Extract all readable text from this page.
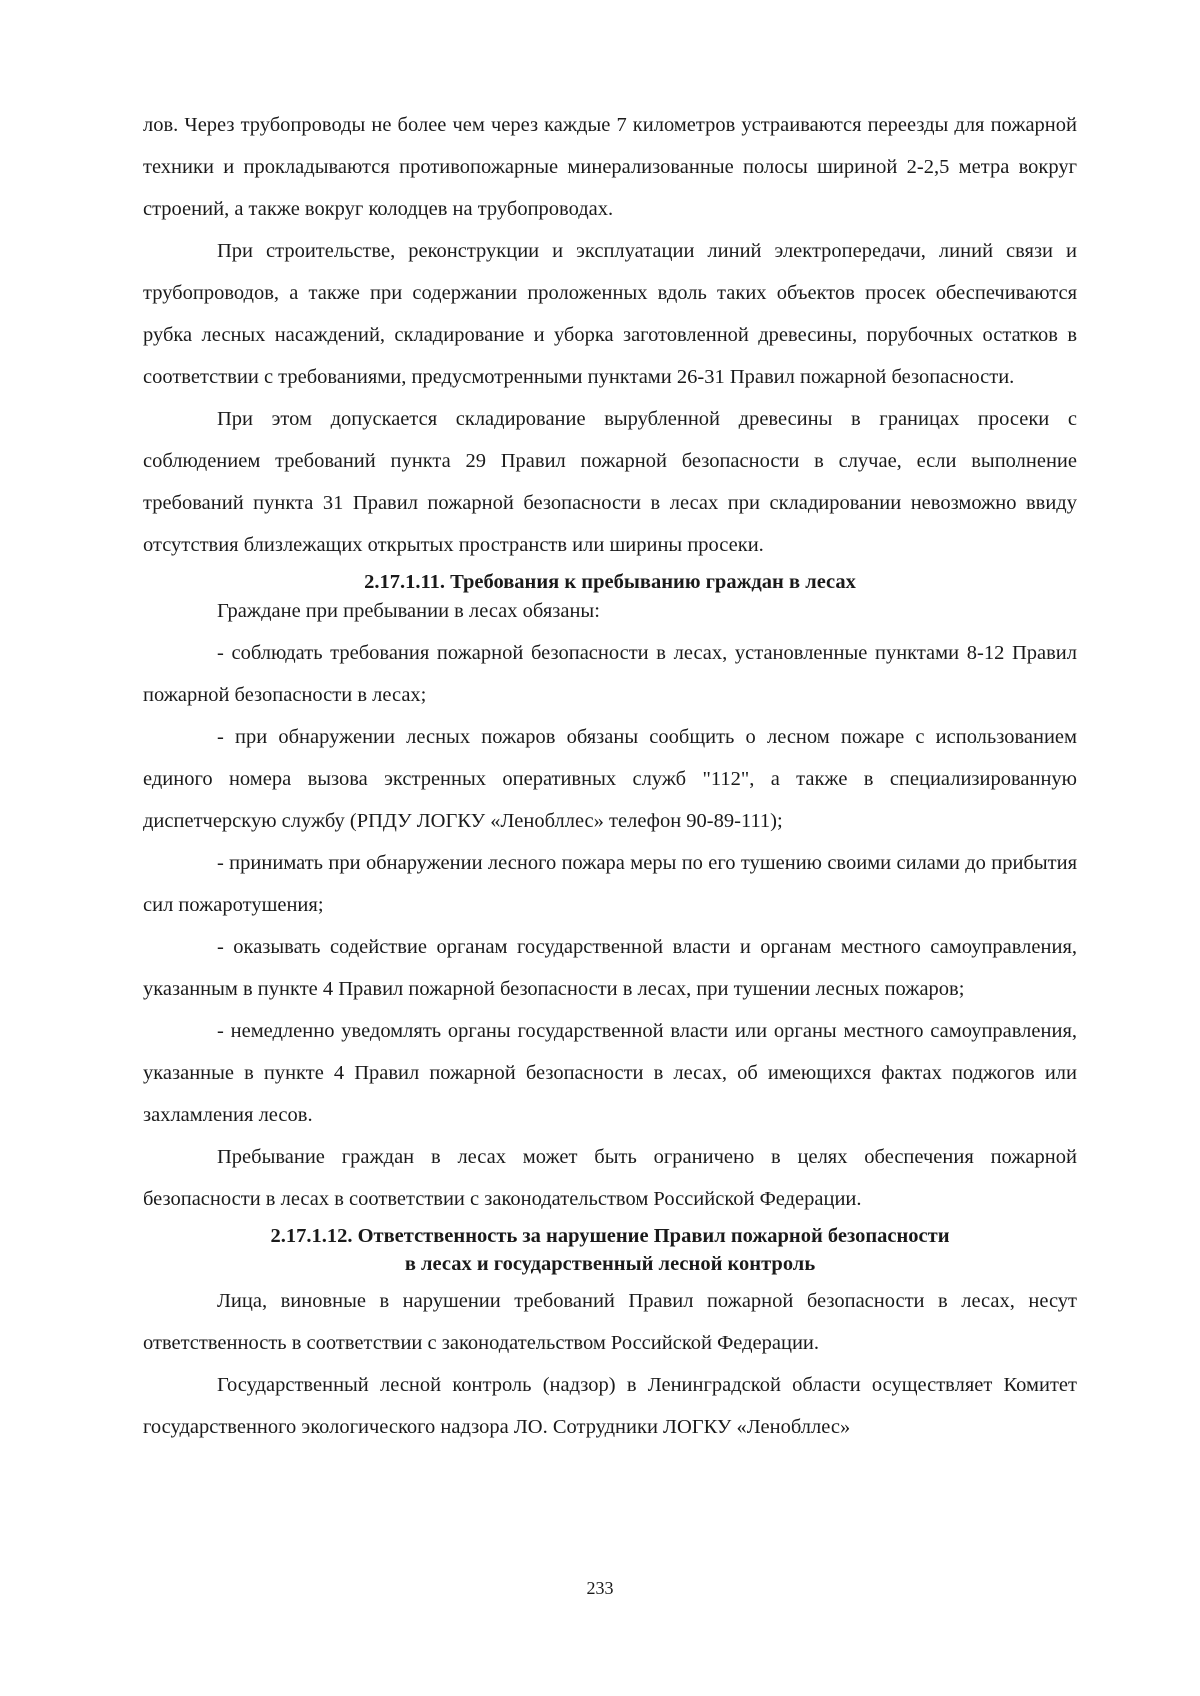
лов. Через трубопроводы не более чем через каждые 7 километров устраиваются переезды для пожарной техники и прокладываются противопожарные минерализованные полосы шириной 2-2,5 метра вокруг строений, а также вокруг колодцев на трубопроводах.

При строительстве, реконструкции и эксплуатации линий электропередачи, линий связи и трубопроводов, а также при содержании проложенных вдоль таких объектов просек обеспечиваются рубка лесных насаждений, складирование и уборка заготовленной древесины, порубочных остатков в соответствии с требованиями, предусмотренными пунктами 26-31 Правил пожарной безопасности.

При этом допускается складирование вырубленной древесины в границах просеки с соблюдением требований пункта 29 Правил пожарной безопасности в случае, если выполнение требований пункта 31 Правил пожарной безопасности в лесах при складировании невозможно ввиду отсутствия близлежащих открытых пространств или ширины просеки.

2.17.1.11. Требования к пребыванию граждан в лесах

Граждане при пребывании в лесах обязаны:

- соблюдать требования пожарной безопасности в лесах, установленные пунктами 8-12 Правил пожарной безопасности в лесах;

- при обнаружении лесных пожаров обязаны сообщить о лесном пожаре с использованием единого номера вызова экстренных оперативных служб "112", а также в специализированную диспетчерскую службу (РПДУ ЛОГКУ «Ленобллес» телефон 90-89-111);

- принимать при обнаружении лесного пожара меры по его тушению своими силами до прибытия сил пожаротушения;

- оказывать содействие органам государственной власти и органам местного самоуправления, указанным в пункте 4 Правил пожарной безопасности в лесах, при тушении лесных пожаров;

- немедленно уведомлять органы государственной власти или органы местного самоуправления, указанные в пункте 4 Правил пожарной безопасности в лесах, об имеющихся фактах поджогов или захламления лесов.

Пребывание граждан в лесах может быть ограничено в целях обеспечения пожарной безопасности в лесах в соответствии с законодательством Российской Федерации.

2.17.1.12. Ответственность за нарушение Правил пожарной безопасности
в лесах и государственный лесной контроль

Лица, виновные в нарушении требований Правил пожарной безопасности в лесах, несут ответственность в соответствии с законодательством Российской Федерации.

Государственный лесной контроль (надзор) в Ленинградской области осуществляет Комитет государственного экологического надзора ЛО. Сотрудники ЛОГКУ «Ленобллес»

233
